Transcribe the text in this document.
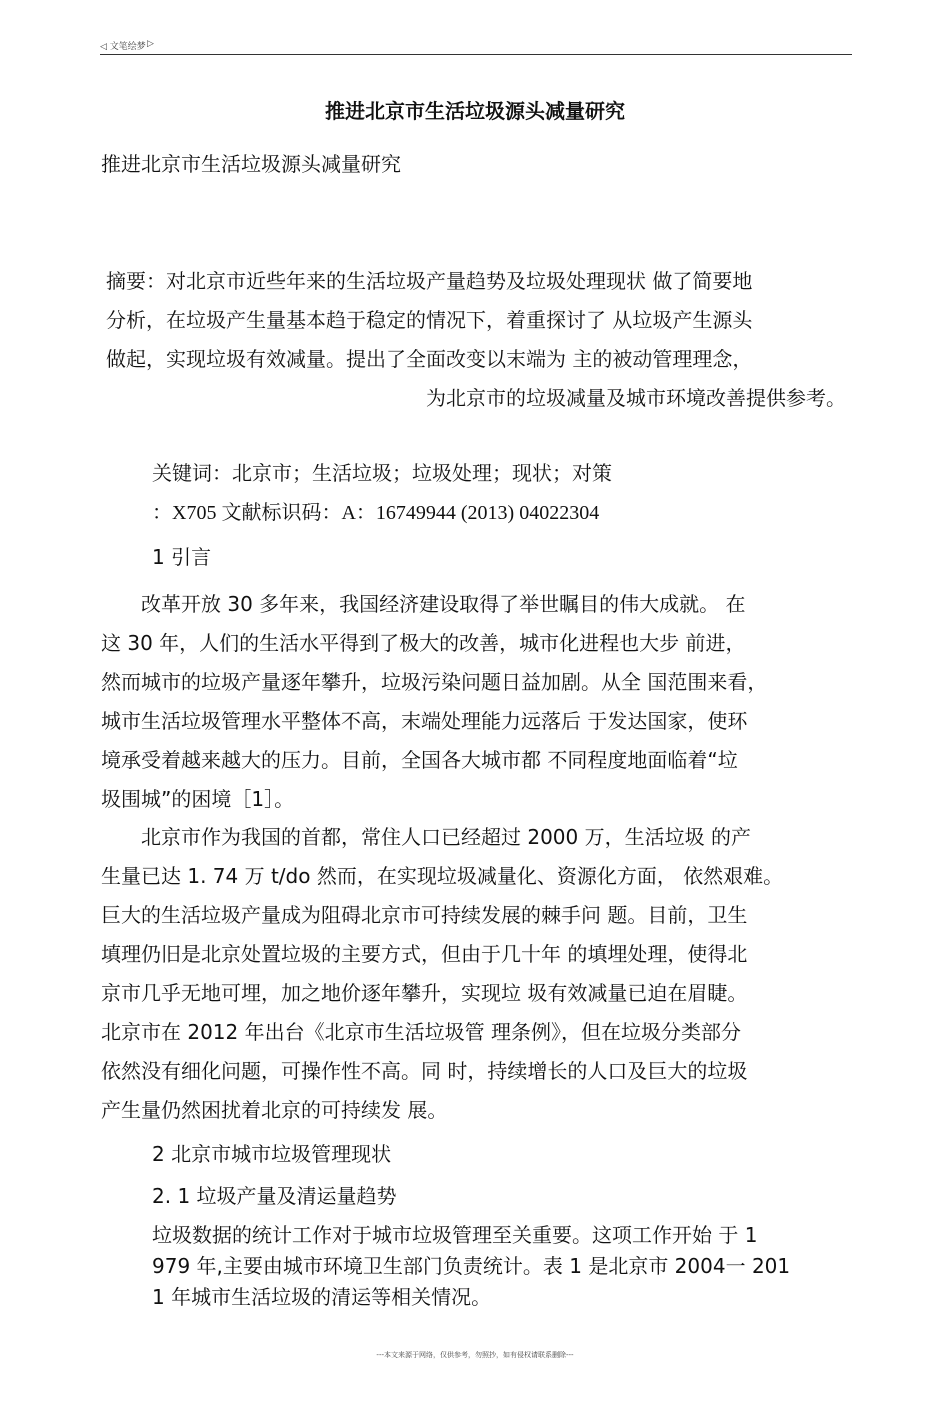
◁ 文笔绘梦 ▷
推进北京市生活垃圾源头减量研究
推进北京市生活垃圾源头减量研究
摘要：对北京市近些年来的生活垃圾产量趋势及垃圾处理现状 做了简要地
分析，在垃圾产生量基本趋于稳定的情况下，着重探讨了 从垃圾产生源头
做起，实现垃圾有效减量。提出了全面改变以末端为 主的被动管理理念，
为北京市的垃圾减量及城市环境改善提供参考。
关键词：北京市；生活垃圾；垃圾处理；现状；对策
：X705 文献标识码：A：16749944 (2013) 04022304
1 引言
　　改革开放 30 多年来，我国经济建设取得了举世瞩目的伟大成就。 在
这 30 年，人们的生活水平得到了极大的改善，城市化进程也大步 前进，
然而城市的垃圾产量逐年攀升，垃圾污染问题日益加剧。从全 国范围来看，
城市生活垃圾管理水平整体不高，末端处理能力远落后 于发达国家，使环
境承受着越来越大的压力。目前，全国各大城市都 不同程度地面临着“垃
圾围城”的困境［1］。
　　北京市作为我国的首都，常住人口已经超过 2000 万，生活垃圾 的产
生量已达 1. 74 万 t/do 然而，在实现垃圾减量化、资源化方面， 依然艰难。
巨大的生活垃圾产量成为阻碍北京市可持续发展的棘手问 题。目前，卫生
填理仍旧是北京处置垃圾的主要方式，但由于几十年 的填埋处理，使得北
京市几乎无地可埋，加之地价逐年攀升，实现垃 圾有效减量已迫在眉睫。
北京市在 2012 年出台《北京市生活垃圾管 理条例》，但在垃圾分类部分
依然没有细化问题，可操作性不高。同 时，持续增长的人口及巨大的垃圾
产生量仍然困扰着北京的可持续发 展。
2 北京市城市垃圾管理现状
2. 1 垃圾产量及清运量趋势
垃圾数据的统计工作对于城市垃圾管理至关重要。这项工作开始 于 1
979 年,主要由城市环境卫生部门负责统计。表 1 是北京市 2004一 201
1 年城市生活垃圾的清运等相关情况。
---本文来源于网络，仅供参考，勿照抄，如有侵权请联系删除---
